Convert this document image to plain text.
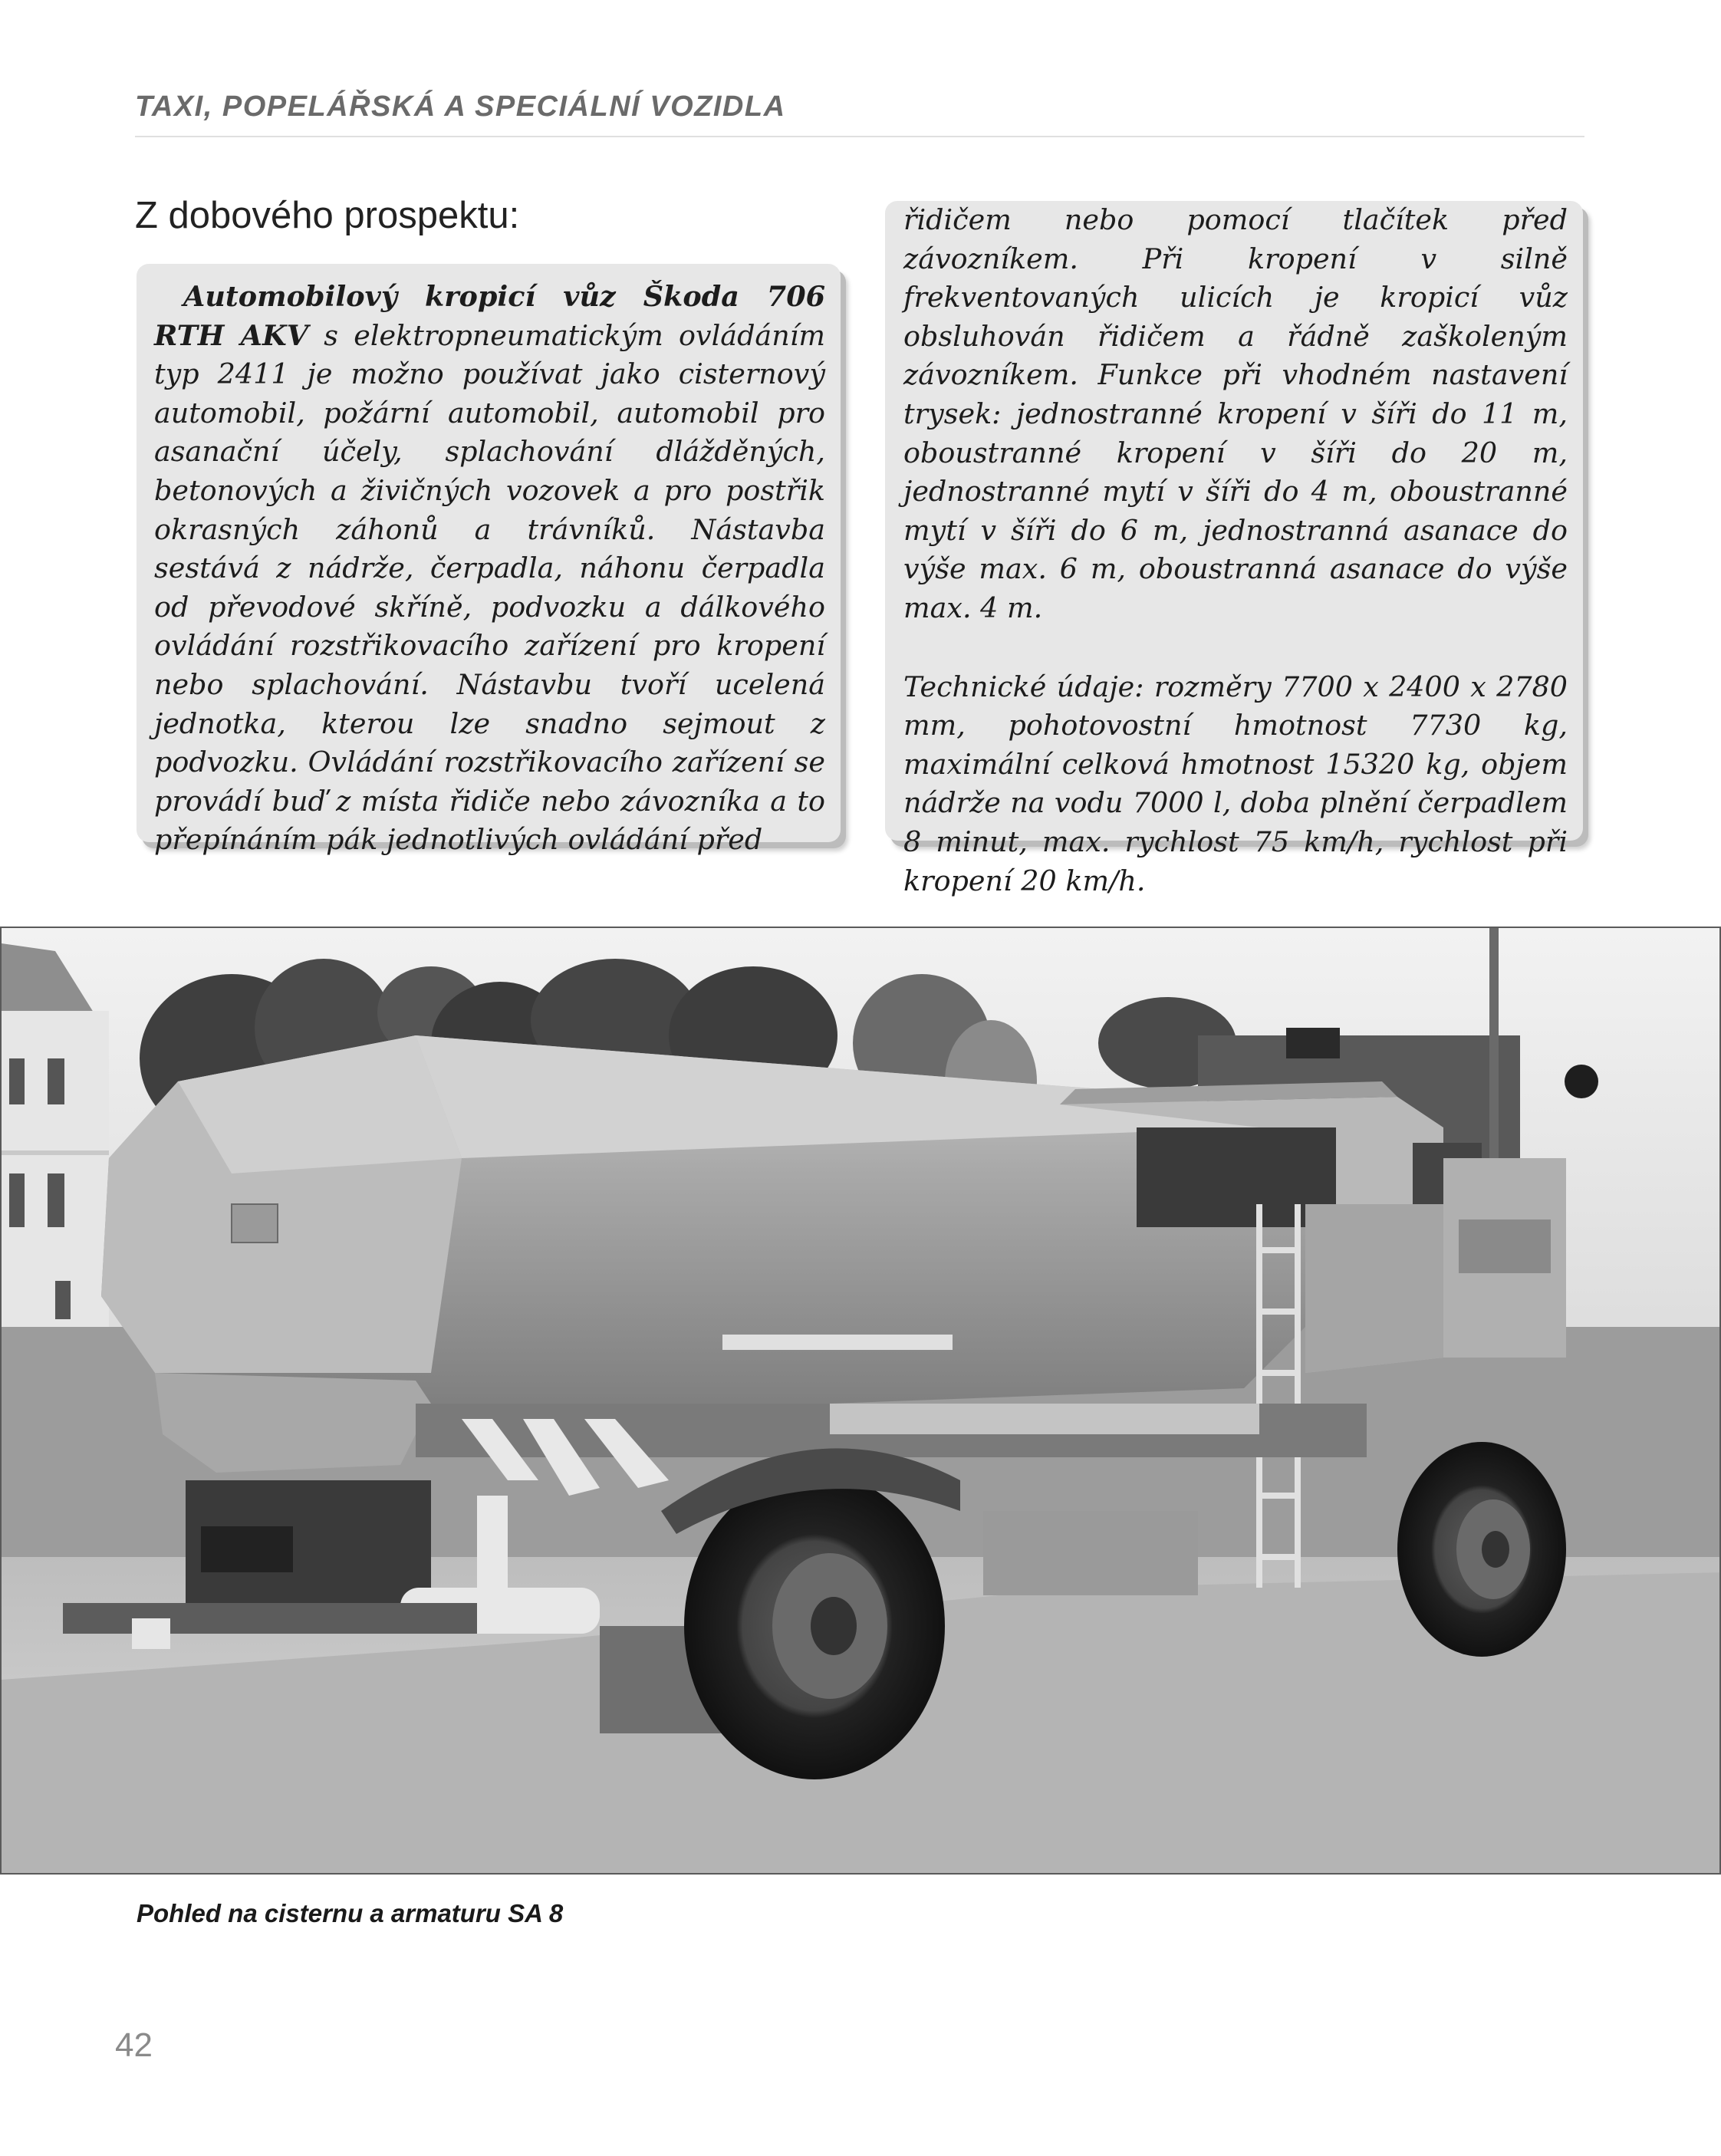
TAXI, POPELÁŘSKÁ A SPECIÁLNÍ VOZIDLA
Z dobového prospektu:

Automobilový kropicí vůz Škoda 706 RTH AKV s elektropneumatickým ovládáním typ 2411 je možno používat jako cisternový automobil, požární automobil, automobil pro asanační účely, splachování dlážděných, betonových a živičných vozovek a pro postřik okrasných záhonů a trávníků. Nástavba sestává z nádrže, čerpadla, náhonu čerpadla od převodové skříně, podvozku a dálkového ovládání rozstřikovacího zařízení pro kropení nebo splachování. Nástavbu tvoří ucelená jednotka, kterou lze snadno sejmout z podvozku. Ovládání rozstřikovacího zařízení se provádí buď z místa řidiče nebo závozníka a to přepínáním pák jednotlivých ovládání před

řidičem nebo pomocí tlačítek před závozníkem. Při kropení v silně frekventovaných ulicích je kropicí vůz obsluhován řidičem a řádně zaškoleným závozníkem. Funkce při vhodném nastavení trysek: jednostranné kropení v šíři do 11 m, oboustranné kropení v šíři do 20 m, jednostranné mytí v šíři do 4 m, oboustranné mytí v šíři do 6 m, jednostranná asanace do výše max. 6 m, oboustranná asanace do výše max. 4 m.

Technické údaje: rozměry 7700 x 2400 x 2780 mm, pohotovostní hmotnost 7730 kg, maximální celková hmotnost 15320 kg, objem nádrže na vodu 7000 l, doba plnění čerpadlem 8 minut, max. rychlost 75 km/h, rychlost při kropení 20 km/h.

Pohled na cisternu a armaturu SA 8
42
